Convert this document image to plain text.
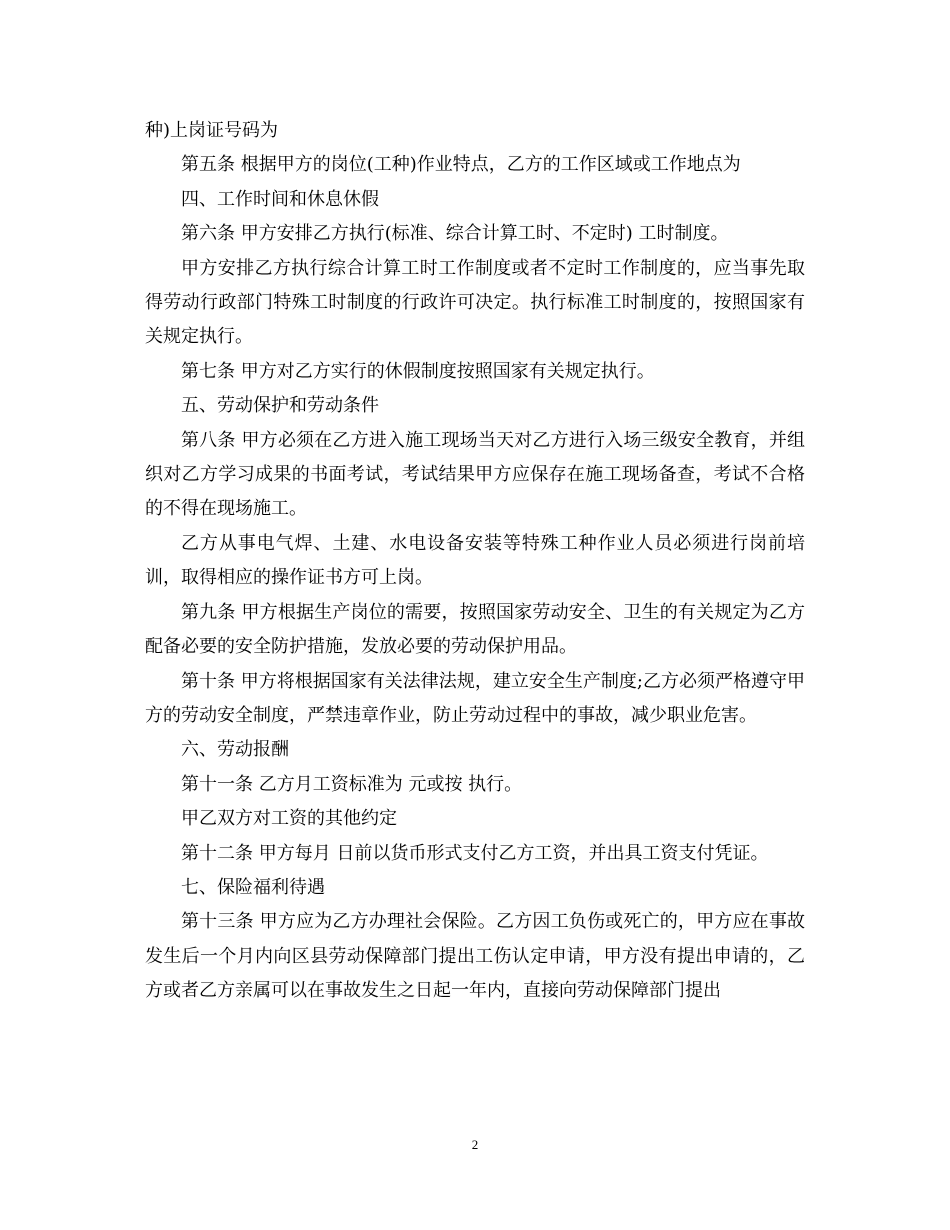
种)上岗证号码为

第五条 根据甲方的岗位(工种)作业特点，乙方的工作区域或工作地点为

四、工作时间和休息休假

第六条 甲方安排乙方执行(标准、综合计算工时、不定时) 工时制度。

甲方安排乙方执行综合计算工时工作制度或者不定时工作制度的，应当事先取得劳动行政部门特殊工时制度的行政许可决定。执行标准工时制度的，按照国家有关规定执行。

第七条 甲方对乙方实行的休假制度按照国家有关规定执行。

五、劳动保护和劳动条件

第八条 甲方必须在乙方进入施工现场当天对乙方进行入场三级安全教育，并组织对乙方学习成果的书面考试，考试结果甲方应保存在施工现场备查，考试不合格的不得在现场施工。

乙方从事电气焊、土建、水电设备安装等特殊工种作业人员必须进行岗前培训，取得相应的操作证书方可上岗。

第九条 甲方根据生产岗位的需要，按照国家劳动安全、卫生的有关规定为乙方配备必要的安全防护措施，发放必要的劳动保护用品。

第十条 甲方将根据国家有关法律法规，建立安全生产制度;乙方必须严格遵守甲方的劳动安全制度，严禁违章作业，防止劳动过程中的事故，减少职业危害。

六、劳动报酬

第十一条 乙方月工资标准为 元或按 执行。

甲乙双方对工资的其他约定

第十二条 甲方每月 日前以货币形式支付乙方工资，并出具工资支付凭证。

七、保险福利待遇

第十三条 甲方应为乙方办理社会保险。乙方因工负伤或死亡的，甲方应在事故发生后一个月内向区县劳动保障部门提出工伤认定申请，甲方没有提出申请的，乙方或者乙方亲属可以在事故发生之日起一年内，直接向劳动保障部门提出

2
